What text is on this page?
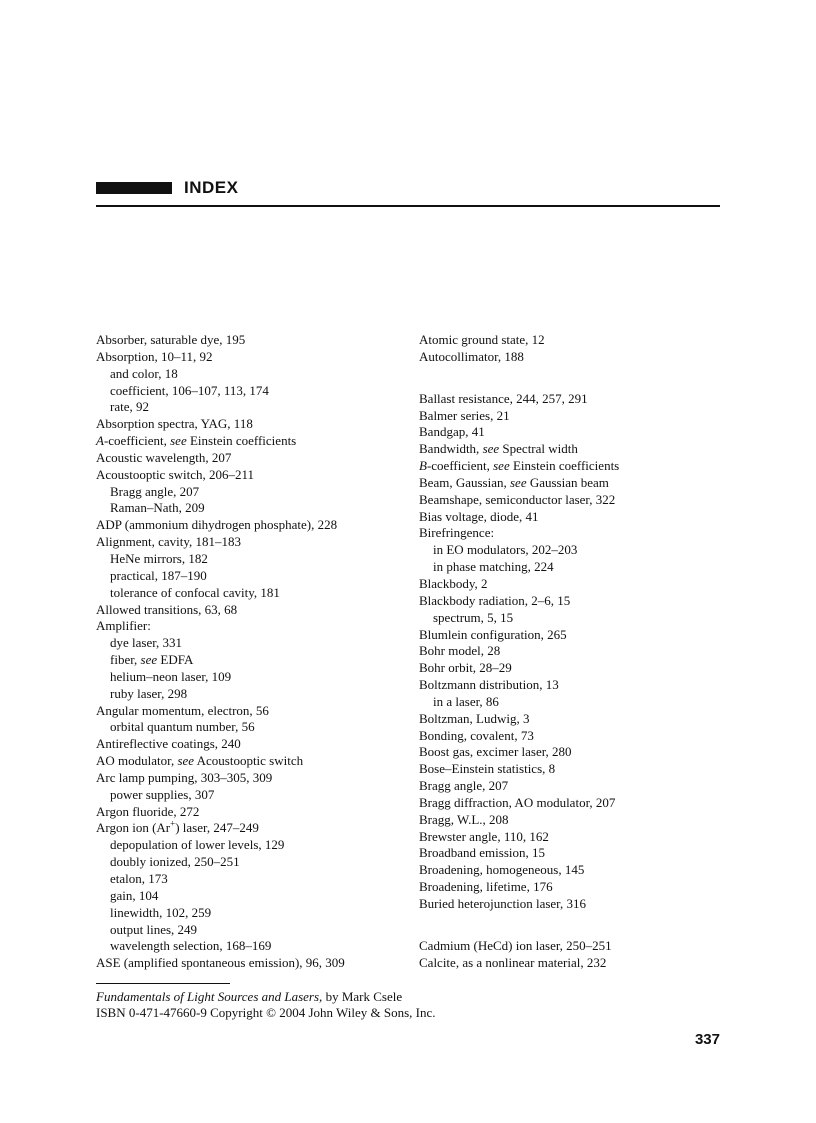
INDEX
Absorber, saturable dye, 195
Absorption, 10–11, 92
and color, 18
coefficient, 106–107, 113, 174
rate, 92
Absorption spectra, YAG, 118
A-coefficient, see Einstein coefficients
Acoustic wavelength, 207
Acoustooptic switch, 206–211
Bragg angle, 207
Raman–Nath, 209
ADP (ammonium dihydrogen phosphate), 228
Alignment, cavity, 181–183
HeNe mirrors, 182
practical, 187–190
tolerance of confocal cavity, 181
Allowed transitions, 63, 68
Amplifier:
dye laser, 331
fiber, see EDFA
helium–neon laser, 109
ruby laser, 298
Angular momentum, electron, 56
orbital quantum number, 56
Antireflective coatings, 240
AO modulator, see Acoustooptic switch
Arc lamp pumping, 303–305, 309
power supplies, 307
Argon fluoride, 272
Argon ion (Ar+) laser, 247–249
depopulation of lower levels, 129
doubly ionized, 250–251
etalon, 173
gain, 104
linewidth, 102, 259
output lines, 249
wavelength selection, 168–169
ASE (amplified spontaneous emission), 96, 309
Atomic ground state, 12
Autocollimator, 188
Ballast resistance, 244, 257, 291
Balmer series, 21
Bandgap, 41
Bandwidth, see Spectral width
B-coefficient, see Einstein coefficients
Beam, Gaussian, see Gaussian beam
Beamshape, semiconductor laser, 322
Bias voltage, diode, 41
Birefringence:
in EO modulators, 202–203
in phase matching, 224
Blackbody, 2
Blackbody radiation, 2–6, 15
spectrum, 5, 15
Blumlein configuration, 265
Bohr model, 28
Bohr orbit, 28–29
Boltzmann distribution, 13
in a laser, 86
Boltzman, Ludwig, 3
Bonding, covalent, 73
Boost gas, excimer laser, 280
Bose–Einstein statistics, 8
Bragg angle, 207
Bragg diffraction, AO modulator, 207
Bragg, W.L., 208
Brewster angle, 110, 162
Broadband emission, 15
Broadening, homogeneous, 145
Broadening, lifetime, 176
Buried heterojunction laser, 316
Cadmium (HeCd) ion laser, 250–251
Calcite, as a nonlinear material, 232
Fundamentals of Light Sources and Lasers, by Mark Csele
ISBN 0-471-47660-9 Copyright © 2004 John Wiley & Sons, Inc.
337
